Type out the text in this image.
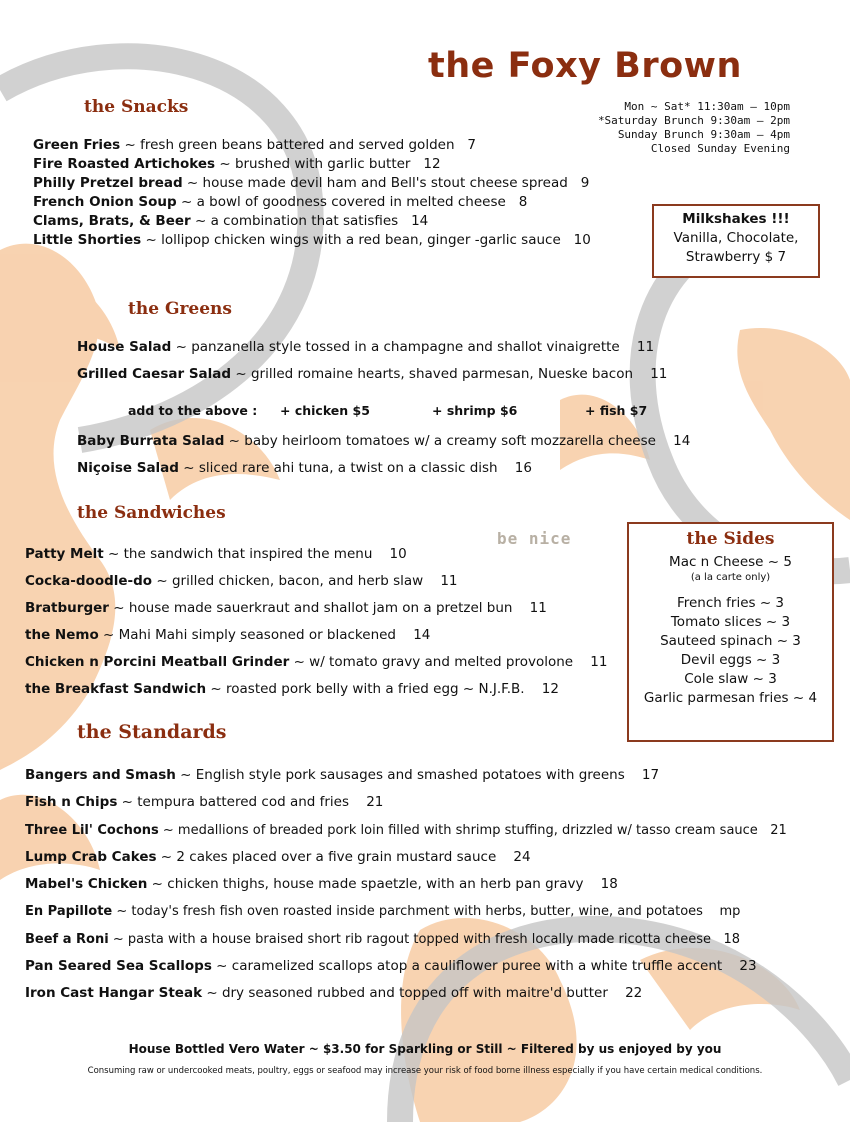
the Foxy Brown
Mon ~ Sat* 11:30am – 10pm
*Saturday Brunch 9:30am – 2pm
Sunday Brunch 9:30am – 4pm
Closed Sunday Evening
Milkshakes !!!
Vanilla, Chocolate,
Strawberry $ 7
the Snacks
Green Fries ~ fresh green beans battered and served golden 7
Fire Roasted Artichokes ~ brushed with garlic butter 12
Philly Pretzel bread ~ house made devil ham and Bell's stout cheese spread 9
French Onion Soup ~ a bowl of goodness covered in melted cheese 8
Clams, Brats, & Beer ~ a combination that satisfies 14
Little Shorties ~ lollipop chicken wings with a red bean, ginger -garlic sauce 10
the Greens
House Salad ~ panzanella style tossed in a champagne and shallot vinaigrette 11
Grilled Caesar Salad ~ grilled romaine hearts, shaved parmesan, Nueske bacon 11
add to the above : + chicken $5	+ shrimp $6	+ fish $7
Baby Burrata Salad ~ baby heirloom tomatoes w/ a creamy soft mozzarella cheese 14
Niçoise Salad ~ sliced rare ahi tuna, a twist on a classic dish 16
the Sandwiches
be nice
Patty Melt ~ the sandwich that inspired the menu 10
Cocka-doodle-do ~ grilled chicken, bacon, and herb slaw 11
Bratburger ~ house made sauerkraut and shallot jam on a pretzel bun 11
the Nemo ~ Mahi Mahi simply seasoned or blackened 14
Chicken n Porcini Meatball Grinder ~ w/ tomato gravy and melted provolone 11
the Breakfast Sandwich ~ roasted pork belly with a fried egg ~ N.J.F.B. 12
the Sides
Mac n Cheese ~ 5
(a la carte only)
French fries ~ 3
Tomato slices ~ 3
Sauteed spinach ~ 3
Devil eggs ~ 3
Cole slaw ~ 3
Garlic parmesan fries ~ 4
the Standards
Bangers and Smash ~ English style pork sausages and smashed potatoes with greens 17
Fish n Chips ~ tempura battered cod and fries 21
Three Lil' Cochons ~ medallions of breaded pork loin filled with shrimp stuffing, drizzled w/ tasso cream sauce 21
Lump Crab Cakes ~ 2 cakes placed over a five grain mustard sauce 24
Mabel's Chicken ~ chicken thighs, house made spaetzle, with an herb pan gravy 18
En Papillote ~ today's fresh fish oven roasted inside parchment with herbs, butter, wine, and potatoes mp
Beef a Roni ~ pasta with a house braised short rib ragout topped with fresh locally made ricotta cheese 18
Pan Seared Sea Scallops ~ caramelized scallops atop a cauliflower puree with a white truffle accent 23
Iron Cast Hangar Steak ~ dry seasoned rubbed and topped off with maitre'd butter 22
House Bottled Vero Water ~ $3.50 for Sparkling or Still ~ Filtered by us enjoyed by you
Consuming raw or undercooked meats, poultry, eggs or seafood may increase your risk of food borne illness especially if you have certain medical conditions.
